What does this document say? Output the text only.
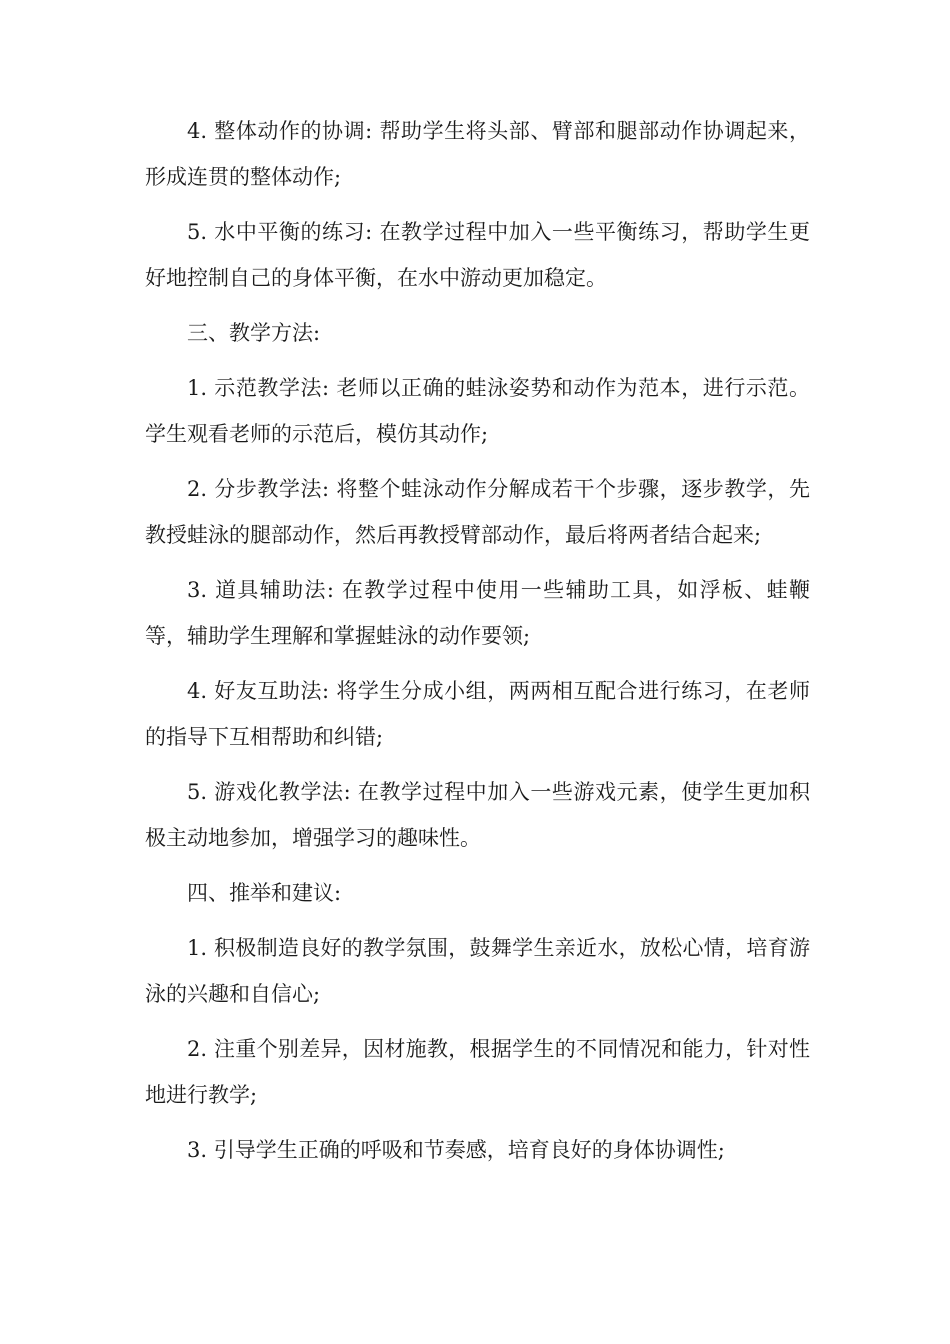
4. 整体动作的协调: 帮助学生将头部、臂部和腿部动作协调起来，形成连贯的整体动作;

5. 水中平衡的练习: 在教学过程中加入一些平衡练习，帮助学生更好地控制自己的身体平衡，在水中游动更加稳定。

三、教学方法:

1. 示范教学法: 老师以正确的蛙泳姿势和动作为范本，进行示范。学生观看老师的示范后，模仿其动作;

2. 分步教学法: 将整个蛙泳动作分解成若干个步骤，逐步教学，先教授蛙泳的腿部动作，然后再教授臂部动作，最后将两者结合起来;

3. 道具辅助法: 在教学过程中使用一些辅助工具，如浮板、蛙鞭等，辅助学生理解和掌握蛙泳的动作要领;

4. 好友互助法: 将学生分成小组，两两相互配合进行练习，在老师的指导下互相帮助和纠错;

5. 游戏化教学法: 在教学过程中加入一些游戏元素，使学生更加积极主动地参加，增强学习的趣味性。

四、推举和建议:

1. 积极制造良好的教学氛围，鼓舞学生亲近水，放松心情，培育游泳的兴趣和自信心;

2. 注重个别差异，因材施教，根据学生的不同情况和能力，针对性地进行教学;

3. 引导学生正确的呼吸和节奏感，培育良好的身体协调性;
